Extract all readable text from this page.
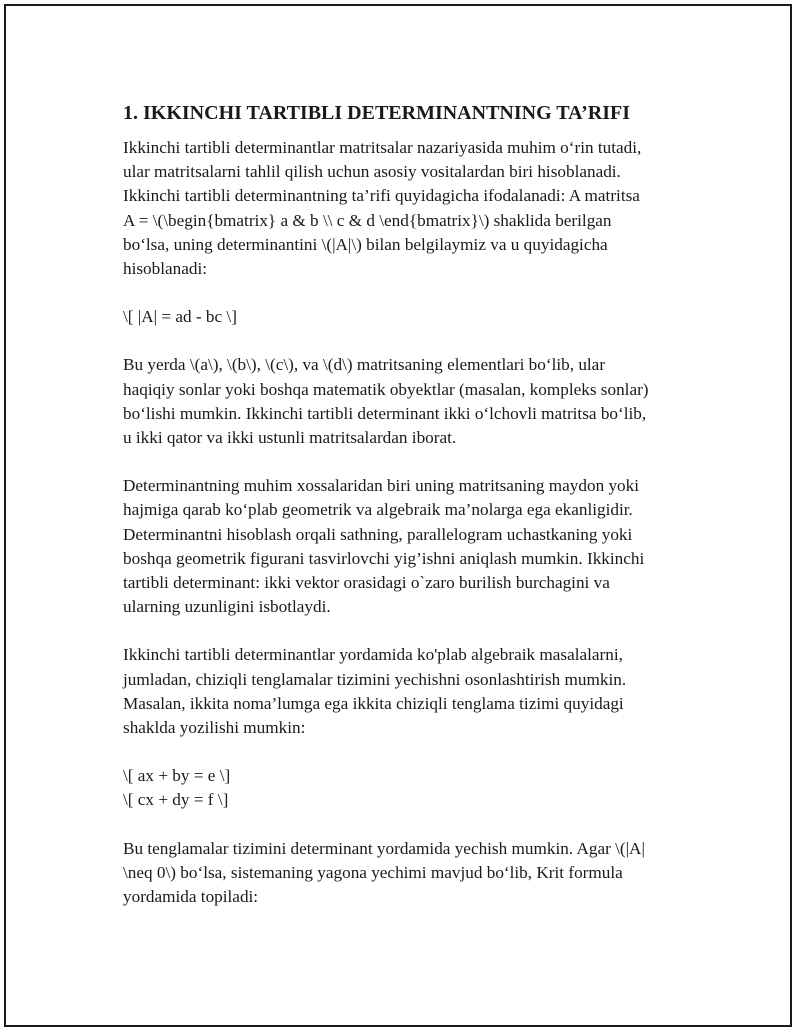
1. IKKINCHI TARTIBLI DETERMINANTNING TA’RIFI
Ikkinchi tartibli determinantlar matritsalar nazariyasida muhim o‘rin tutadi,
ular matritsalarni tahlil qilish uchun asosiy vositalardan biri hisoblanadi.
Ikkinchi tartibli determinantning ta’rifi quyidagicha ifodalanadi: A matritsa
A = \(\begin{bmatrix} a & b \\ c & d \end{bmatrix}\) shaklida berilgan
bo‘lsa, uning determinantini \(|A|\) bilan belgilaymiz va u quyidagicha
hisoblanadi:
\[ |A| = ad - bc \]
Bu yerda \(a\), \(b\), \(c\), va \(d\) matritsaning elementlari bo‘lib, ular
haqiqiy sonlar yoki boshqa matematik obyektlar (masalan, kompleks sonlar)
bo‘lishi mumkin. Ikkinchi tartibli determinant ikki o‘lchovli matritsa bo‘lib,
u ikki qator va ikki ustunli matritsalardan iborat.
Determinantning muhim xossalaridan biri uning matritsaning maydon yoki
hajmiga qarab ko‘plab geometrik va algebraik ma’nolarga ega ekanligidir.
Determinantni hisoblash orqali sathning, parallelogram uchastkaning yoki
boshqa geometrik figurani tasvirlovchi yig’ishni aniqlash mumkin. Ikkinchi
tartibli determinant: ikki vektor orasidagi o`zaro burilish burchagini va
ularning uzunligini isbotlaydi.
Ikkinchi tartibli determinantlar yordamida ko'plab algebraik masalalarni,
jumladan, chiziqli tenglamalar tizimini yechishni osonlashtirish mumkin.
Masalan, ikkita noma’lumga ega ikkita chiziqli tenglama tizimi quyidagi
shaklda yozilishi mumkin:
\[ ax + by = e \]
\[ cx + dy = f \]
Bu tenglamalar tizimini determinant yordamida yechish mumkin. Agar \(|A|
\neq 0\) bo‘lsa, sistemaning yagona yechimi mavjud bo‘lib, Krit formula
yordamida topiladi:
